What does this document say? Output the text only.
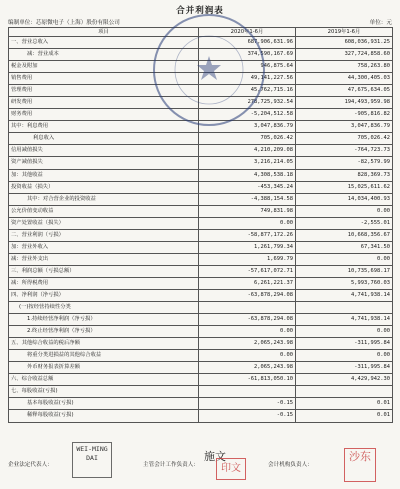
合并利润表
编制单位：芯原微电子（上海）股份有限公司	单位：元
项目	2020年1-6月	2019年1-6月
一、营业总收入	687,906,631.96	608,036,931.25
减：营业成本	374,590,167.69	327,724,858.60
税金及附加	946,875.64	758,263.80
销售费用	49,141,227.56	44,300,405.03
管理费用	45,762,715.16	47,675,634.05
研发费用	278,725,932.54	194,493,959.98
财务费用	-5,204,512.58	-905,816.82
其中：利息费用	3,047,836.79	3,047,836.79
利息收入	705,026.42	705,026.42
信用减值损失	4,210,209.08	-764,723.73
资产减值损失	3,216,214.05	-82,579.99
加：其他收益	4,308,538.18	828,369.73
投资收益（损失）	-453,345.24	15,025,611.62
其中：对合营企业的投资收益	-4,388,154.58	14,034,400.93
公允价值变动收益	749,831.98	0.00
资产处置收益（损失）	0.00	-2,555.01
二、营业利润（亏损）	-58,877,172.26	10,668,356.67
加：营业外收入	1,261,799.34	67,341.50
减：营业外支出	1,699.79	0.00
三、利润总额（亏损总额）	-57,617,072.71	10,735,698.17
减：所得税费用	6,261,221.37	5,993,760.03
四、净利润（净亏损）	-63,878,294.08	4,741,938.14
(一)按经营持续性分类		
1.持续经营净利润（净亏损）	-63,878,294.08	4,741,938.14
2.终止经营净利润（净亏损）	0.00	0.00
五、其他综合收益的税后净额	2,065,243.98	-311,995.84
将重分类进损益的其他综合收益	0.00	0.00
外币财务报表折算差额	2,065,243.98	-311,995.84
六、综合收益总额	-61,813,050.10	4,429,942.30
七、每股收益(亏损)		
基本每股收益(亏损)	-0.15	0.01
稀释每股收益(亏损)	-0.15	0.01
企业法定代表人：
WEI-MING DAI
主管会计工作负责人：
施文
印文	会计机构负责人：
沙东
